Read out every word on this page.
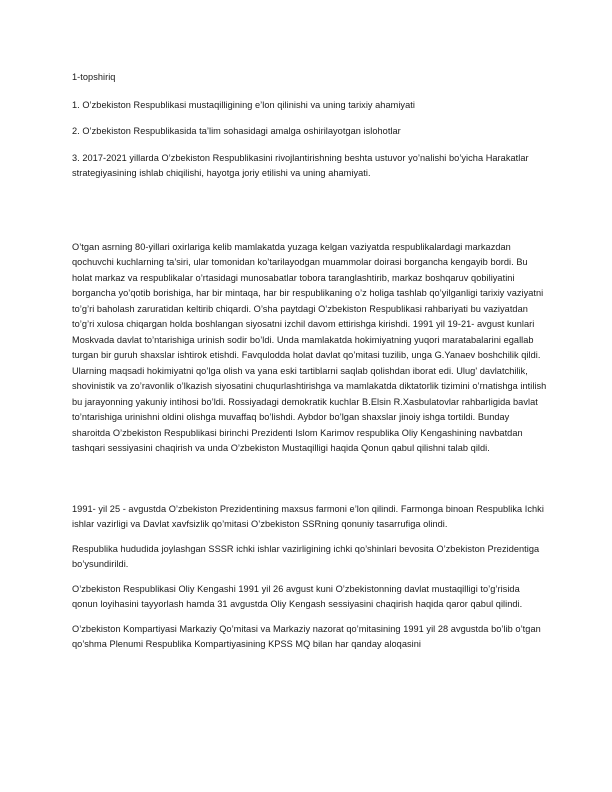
1-topshiriq

1. O’zbekiston Respublikasi mustaqilligining e’lon qilinishi va uning tarixiy ahamiyati

2. O’zbekiston Respublikasida ta’lim sohasidagi amalga oshirilayotgan islohotlar

3. 2017-2021 yillarda O’zbekiston Respublikasini rivojlantirishning beshta ustuvor yo’nalishi bo’yicha Harakatlar strategiyasining ishlab chiqilishi, hayotga joriy etilishi va uning ahamiyati.

O’tgan asrning 80-yillari oxirlariga kelib mamlakatda yuzaga kelgan vaziyatda respublikalardagi markazdan qochuvchi kuchlarning ta’siri, ular tomonidan ko’tarilayodgan muammolar doirasi borgancha kengayib bordi. Bu holat markaz va respublikalar o’rtasidagi munosabatlar tobora taranglashtirib, markaz boshqaruv qobiliyatini borgancha yo’qotib borishiga, har bir mintaqa, har bir respublikaning o’z holiga tashlab qo’yilganligi tarixiy vaziyatni to’g’ri baholash zaruratidan keltirib chiqardi. O’sha paytdagi O’zbekiston Respublikasi rahbariyati bu vaziyatdan to’g’ri xulosa chiqargan holda boshlangan siyosatni izchil davom ettirishga kirishdi. 1991 yil 19-21- avgust kunlari Moskvada davlat to’ntarishiga urinish sodir bo’ldi. Unda mamlakatda hokimiyatning yuqori maratabalarini egallab turgan bir guruh shaxslar ishtirok etishdi. Favqulodda holat davlat qo’mitasi tuzilib, unga G.Yanaev boshchilik qildi. Ularning maqsadi hokimiyatni qo’lga olish va yana eski tartiblarni saqlab qolishdan iborat edi. Ulug' davlatchilik, shovinistik va zo’ravonlik o’lkazish siyosatini chuqurlashtirishga va mamlakatda diktatorlik tizimini o’rnatishga intilish bu jarayonning yakuniy intihosi bo’ldi. Rossiyadagi demokratik kuchlar B.Elsin R.Xasbulatovlar rahbarligida bavlat to’ntarishiga urinishni oldini olishga muvaffaq bo’lishdi. Aybdor bo’lgan shaxslar jinoiy ishga tortildi. Bunday sharoitda O’zbekiston Respublikasi birinchi Prezidenti Islom Karimov respublika Oliy Kengashining navbatdan tashqari sessiyasini chaqirish va unda O’zbekiston Mustaqilligi haqida Qonun qabul qilishni talab qildi.

1991- yil 25 - avgustda O’zbekiston Prezidentining maxsus farmoni e’lon qilindi. Farmonga binoan Respublika Ichki ishlar vazirligi va Davlat xavfsizlik qo’mitasi O’zbekiston SSRning qonuniy tasarrufiga olindi.

Respublika hududida joylashgan SSSR ichki ishlar vazirligining ichki qo’shinlari bevosita O’zbekiston Prezidentiga bo’ysundirildi.

O’zbekiston Respublikasi Oliy Kengashi 1991 yil 26 avgust kuni O’zbekistonning davlat mustaqilligi to’g’risida qonun loyihasini tayyorlash hamda 31 avgustda Oliy Kengash sessiyasini chaqirish haqida qaror qabul qilindi.

O’zbekiston Kompartiyasi Markaziy Qo’mitasi va Markaziy nazorat qo’mitasining 1991 yil 28 avgustda bo’lib o’tgan qo’shma Plenumi Respublika Kompartiyasining KPSS MQ bilan har qanday aloqasini
